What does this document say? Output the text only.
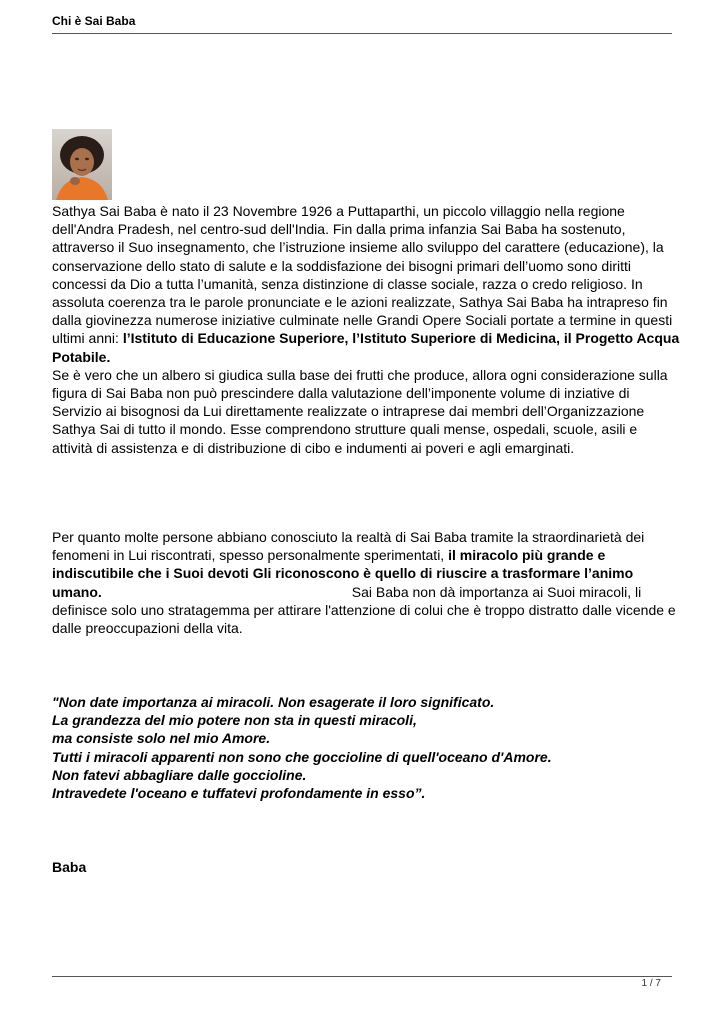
Chi è Sai Baba
Sathya Sai Baba è nato il 23 Novembre 1926 a Puttaparthi, un piccolo villaggio nella regione dell'Andra Pradesh, nel centro-sud dell'India. Fin dalla prima infanzia Sai Baba ha sostenuto, attraverso il Suo insegnamento, che l’istruzione insieme allo sviluppo del carattere (educazione), la conservazione dello stato di salute e la soddisfazione dei bisogni primari dell’uomo sono diritti concessi da Dio a tutta l’umanità, senza distinzione di classe sociale, razza o credo religioso. In assoluta coerenza tra le parole pronunciate e le azioni realizzate, Sathya Sai Baba ha intrapreso fin dalla giovinezza numerose iniziative culminate nelle Grandi Opere Sociali portate a termine in questi ultimi anni: l’Istituto di Educazione Superiore, l’Istituto Superiore di Medicina, il Progetto Acqua Potabile.
Se è vero che un albero si giudica sulla base dei frutti che produce, allora ogni considerazione sulla figura di Sai Baba non può prescindere dalla valutazione dell’imponente volume di inziative di Servizio ai bisognosi da Lui direttamente realizzate o intraprese dai membri dell’Organizzazione Sathya Sai di tutto il mondo. Esse comprendono strutture quali mense, ospedali, scuole, asili e attività di assistenza e di distribuzione di cibo e indumenti ai poveri e agli emarginati.
Per quanto molte persone abbiano conosciuto la realtà di Sai Baba tramite la straordinarietà dei fenomeni in Lui riscontrati, spesso personalmente sperimentati, il miracolo più grande e indiscutibile che i Suoi devoti Gli riconoscono è quello di riuscire a trasformare l’animo umano.	Sai Baba non dà importanza ai Suoi miracoli, li definisce solo uno stratagemma per attirare l'attenzione di colui che è troppo distratto dalle vicende e dalle preoccupazioni della vita.
"Non date importanza ai miracoli. Non esagerate il loro significato.
La grandezza del mio potere non sta in questi miracoli,
ma consiste solo nel mio Amore.
Tutti i miracoli apparenti non sono che goccioline di quell'oceano d'Amore.
Non fatevi abbagliare dalle goccioline.
Intravedete l'oceano e tuffatevi profondamente in esso”.
Baba
1 / 7
